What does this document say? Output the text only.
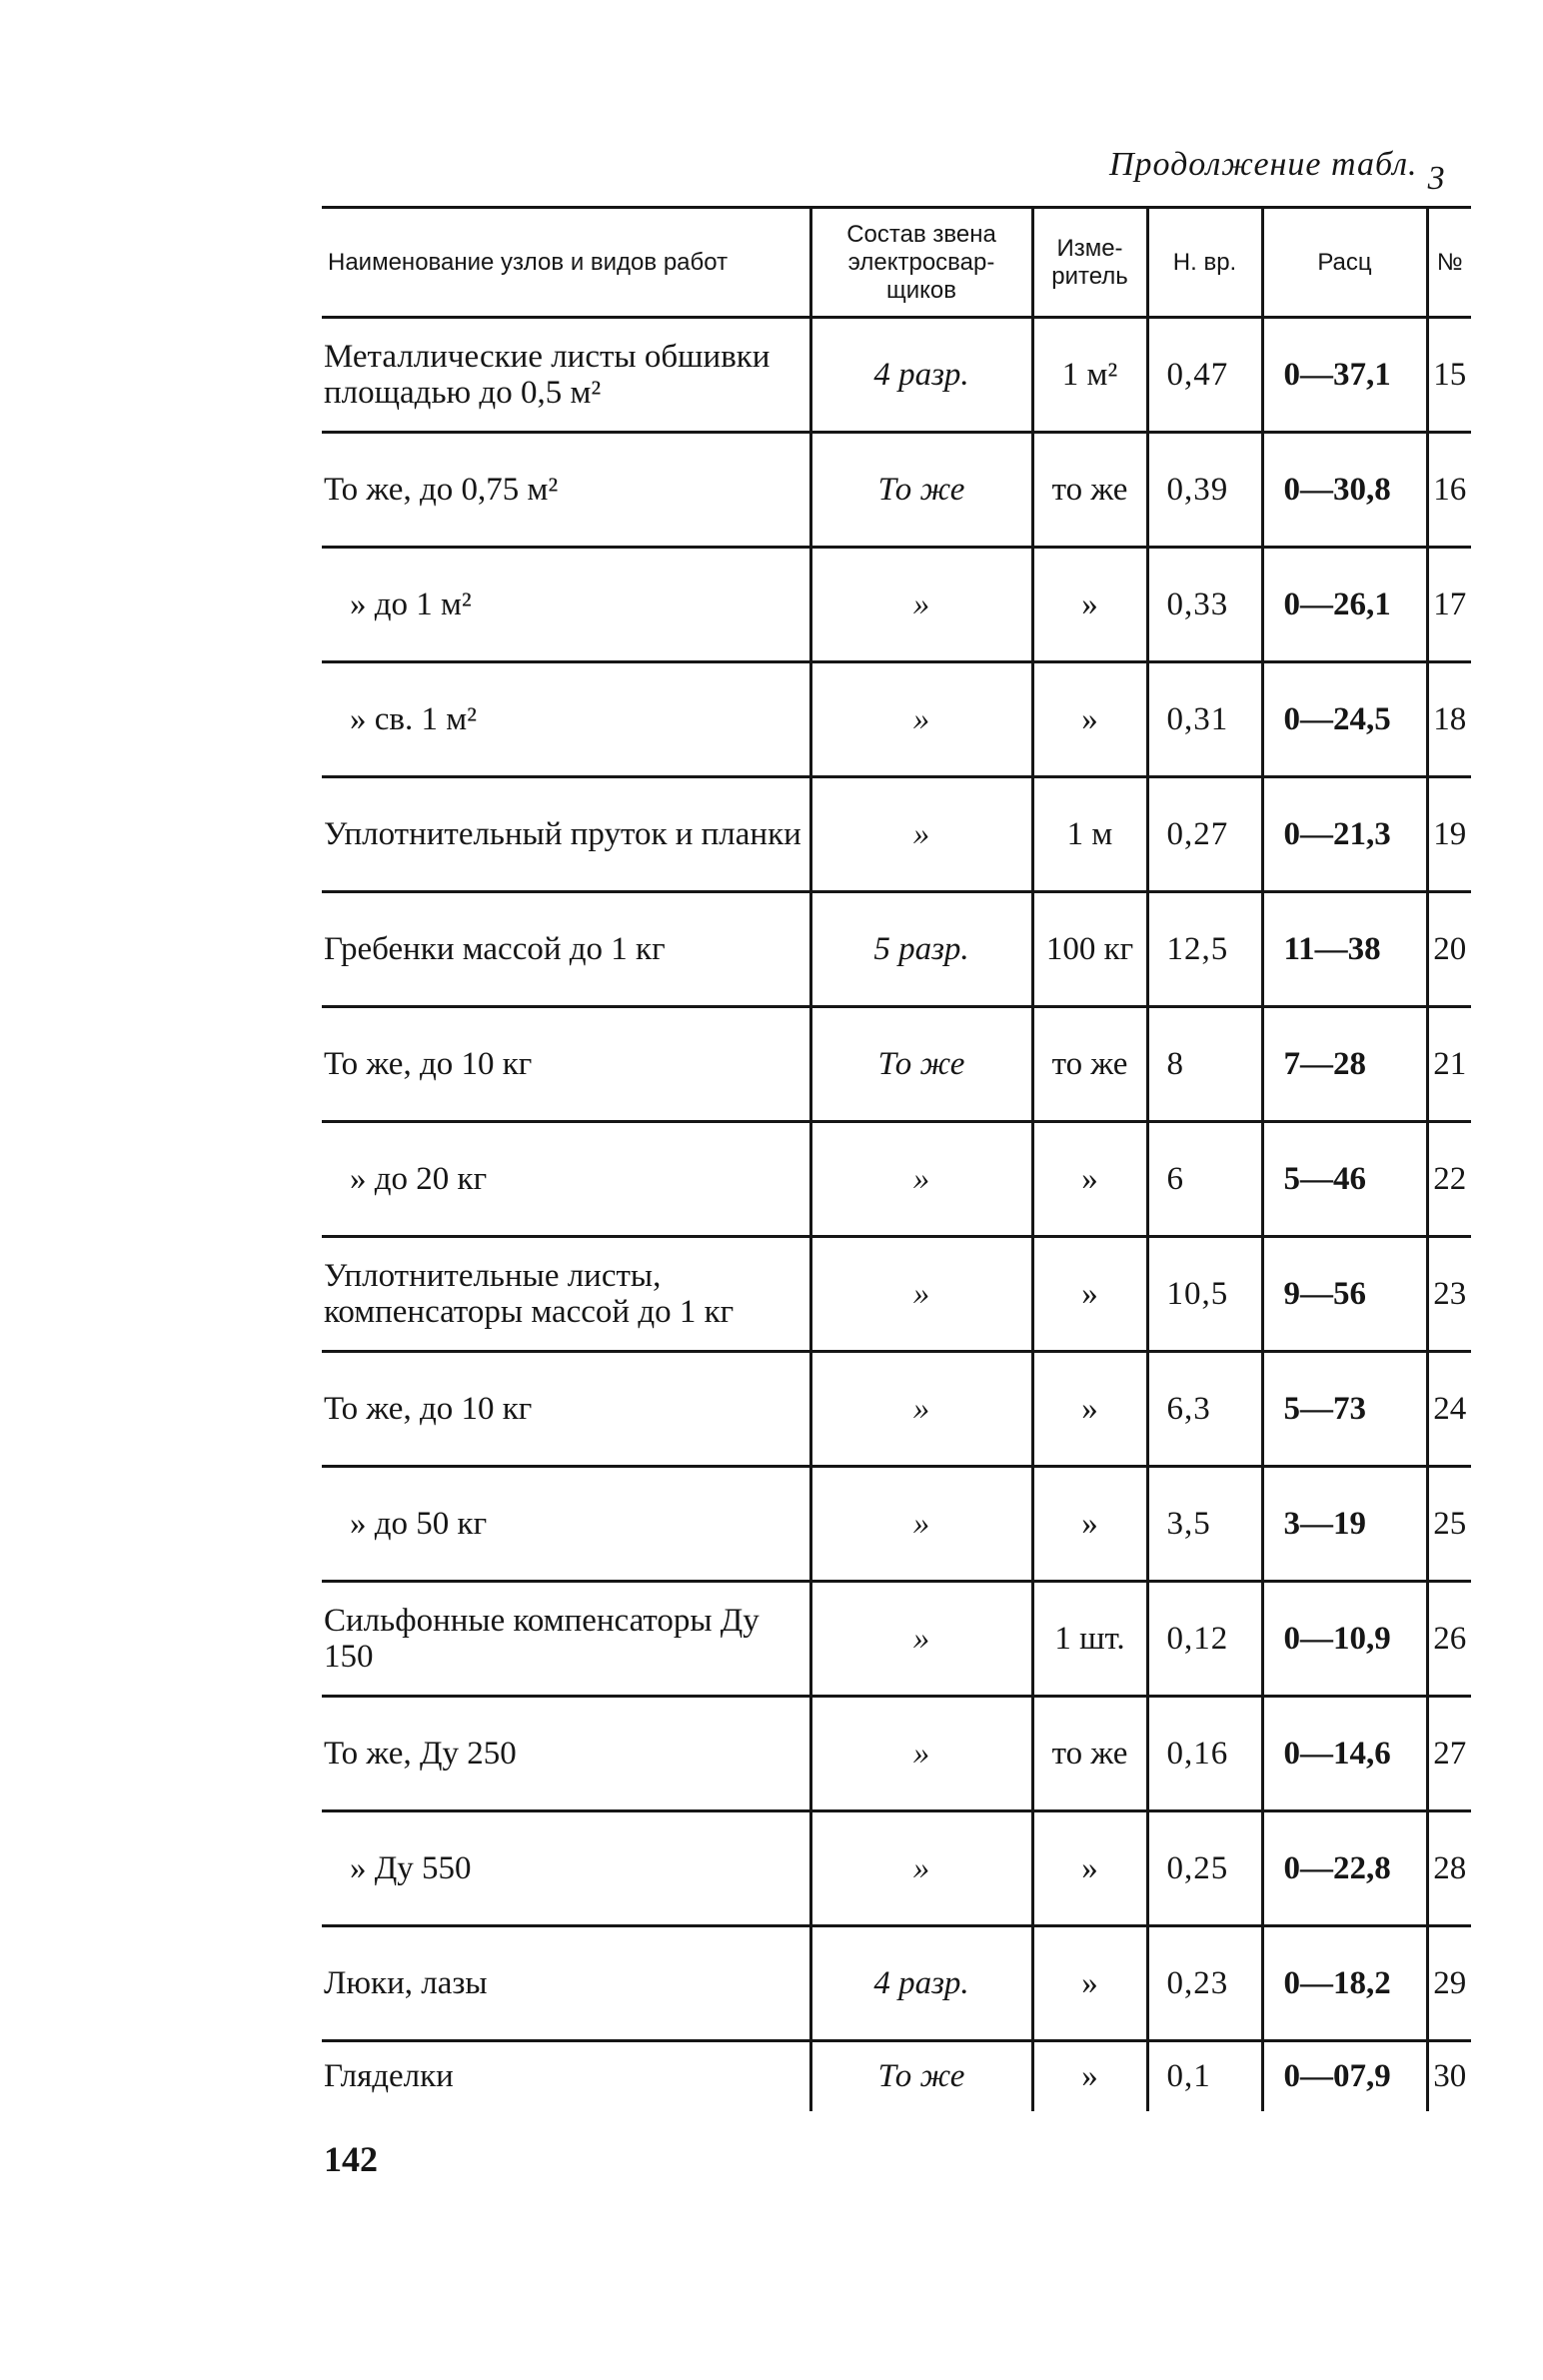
Продолжение табл. 3
Наименование узлов и видов работ	Состав звена электросвар-щиков	Изме-ритель	Н. вр.	Расц	№
Металлические листы обшивки площадью до 0,5 м²	4 разр.	1 м²	0,47	0—37,1	15
То же, до 0,75 м²	То же	то же	0,39	0—30,8	16
» до 1 м²	»	»	0,33	0—26,1	17
» св. 1 м²	»	»	0,31	0—24,5	18
Уплотнительный пруток и планки	»	1 м	0,27	0—21,3	19
Гребенки массой до 1 кг	5 разр.	100 кг	12,5	11—38	20
То же, до 10 кг	То же	то же	8	7—28	21
» до 20 кг	»	»	6	5—46	22
Уплотнительные листы, компенсаторы массой до 1 кг	»	»	10,5	9—56	23
То же, до 10 кг	»	»	6,3	5—73	24
» до 50 кг	»	»	3,5	3—19	25
Сильфонные компенсаторы Ду 150	»	1 шт.	0,12	0—10,9	26
То же, Ду 250	»	то же	0,16	0—14,6	27
» Ду 550	»	»	0,25	0—22,8	28
Люки, лазы	4 разр.	»	0,23	0—18,2	29
Гляделки	То же	»	0,1	0—07,9	30
142
